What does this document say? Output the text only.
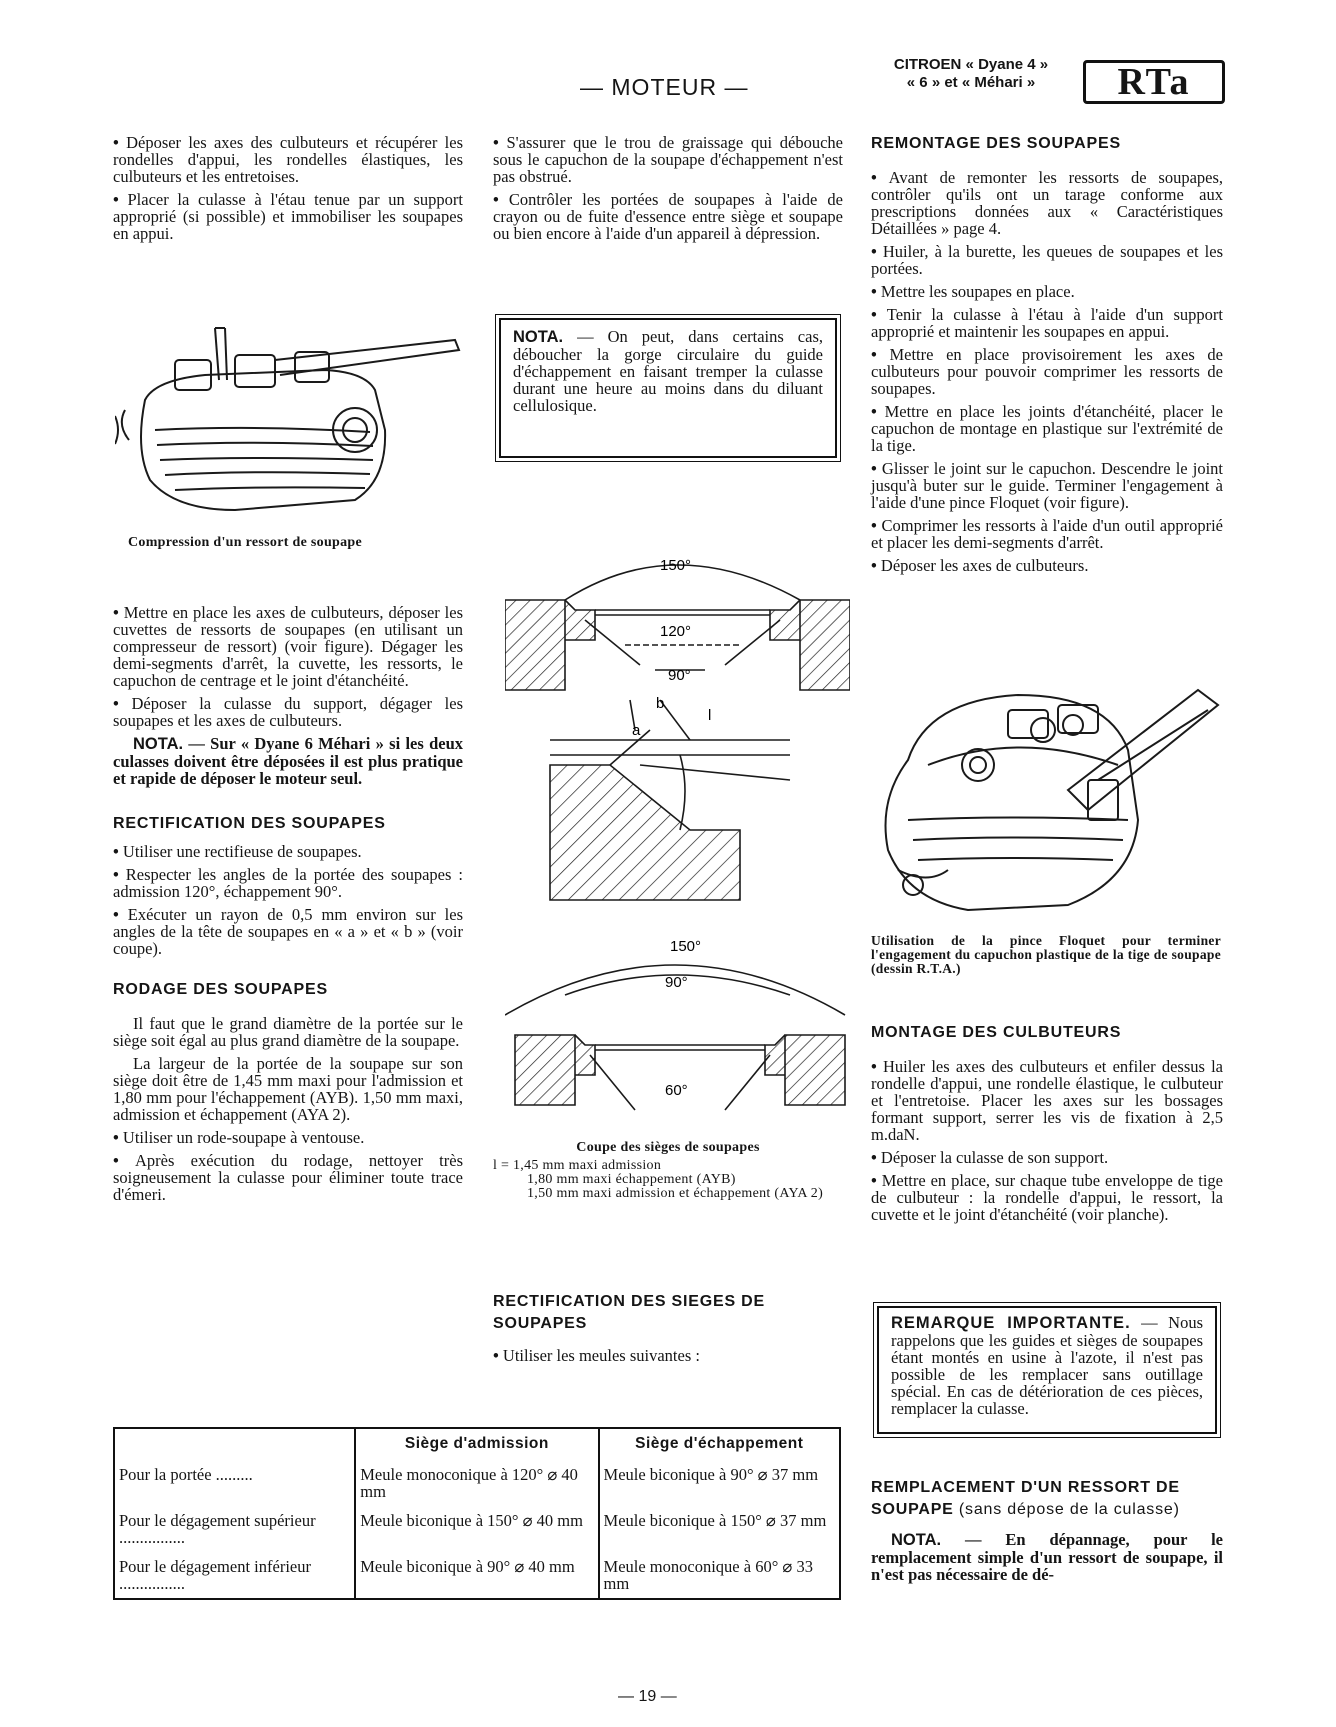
— MOTEUR —
CITROEN « Dyane 4 »
« 6 » et « Méhari »	RTa

• Déposer les axes des culbuteurs et récupérer les rondelles d'appui, les rondelles élastiques, les culbuteurs et les entretoises.

• Placer la culasse à l'étau tenue par un support approprié (si possible) et immobiliser les soupapes en appui.

Compression d'un ressort de soupape

• Mettre en place les axes de culbuteurs, déposer les cuvettes de ressorts de soupapes (en utilisant un compresseur de ressort) (voir figure). Dégager les demi-segments d'arrêt, la cuvette, les ressorts, le capuchon de centrage et le joint d'étanchéité.

• Déposer la culasse du support, dégager les soupapes et les axes de culbuteurs.

NOTA. — Sur « Dyane 6 Méhari » si les deux culasses doivent être déposées il est plus pratique et rapide de déposer le moteur seul.

RECTIFICATION DES SOUPAPES

• Utiliser une rectifieuse de soupapes.

• Respecter les angles de la portée des soupapes : admission 120°, échappement 90°.

• Exécuter un rayon de 0,5 mm environ sur les angles de la tête de soupapes en « a » et « b » (voir coupe).

RODAGE DES SOUPAPES

Il faut que le grand diamètre de la portée sur le siège soit égal au plus grand diamètre de la soupape.

La largeur de la portée de la soupape sur son siège doit être de 1,45 mm maxi pour l'admission et 1,80 mm pour l'échappement (AYB). 1,50 mm maxi, admission et échappement (AYA 2).

• Utiliser un rode-soupape à ventouse.

• Après exécution du rodage, nettoyer très soigneusement la culasse pour éliminer toute trace d'émeri.

• S'assurer que le trou de graissage qui débouche sous le capuchon de la soupape d'échappement n'est pas obstrué.

• Contrôler les portées de soupapes à l'aide de crayon ou de fuite d'essence entre siège et soupape ou bien encore à l'aide d'un appareil à dépression.

NOTA. — On peut, dans certains cas, déboucher la gorge circulaire du guide d'échappement en faisant tremper la culasse durant une heure au moins dans du diluant cellulosique.
150°
120°
90°
b
a
l
150°
90°
60°
Coupe des sièges de soupapes
l = 1,45 mm maxi admission
1,80 mm maxi échappement (AYB)
1,50 mm maxi admission et échappement (AYA 2)
RECTIFICATION DES SIEGES DE SOUPAPES

• Utiliser les meules suivantes :

REMONTAGE DES SOUPAPES

• Avant de remonter les ressorts de soupapes, contrôler qu'ils ont un tarage conforme aux prescriptions données aux « Caractéristiques Détaillées » page 4.

• Huiler, à la burette, les queues de soupapes et les portées.

• Mettre les soupapes en place.

• Tenir la culasse à l'étau à l'aide d'un support approprié et maintenir les soupapes en appui.

• Mettre en place provisoirement les axes de culbuteurs pour pouvoir comprimer les ressorts de soupapes.

• Mettre en place les joints d'étanchéité, placer le capuchon de montage en plastique sur l'extrémité de la tige.

• Glisser le joint sur le capuchon. Descendre le joint jusqu'à buter sur le guide. Terminer l'engagement à l'aide d'une pince Floquet (voir figure).

• Comprimer les ressorts à l'aide d'un outil approprié et placer les demi-segments d'arrêt.

• Déposer les axes de culbuteurs.

Utilisation de la pince Floquet pour terminer l'engagement du capuchon plastique de la tige de soupape (dessin R.T.A.)
MONTAGE DES CULBUTEURS

• Huiler les axes des culbuteurs et enfiler dessus la rondelle d'appui, une rondelle élastique, le culbuteur et l'entretoise. Placer les axes sur les bossages formant support, serrer les vis de fixation à 2,5 m.daN.

• Déposer la culasse de son support.

• Mettre en place, sur chaque tube enveloppe de tige de culbuteur : la rondelle d'appui, le ressort, la cuvette et le joint d'étanchéité (voir planche).

REMARQUE IMPORTANTE. — Nous rappelons que les guides et sièges de soupapes étant montés en usine à l'azote, il n'est pas possible de les remplacer sans outillage spécial. En cas de détérioration de ces pièces, remplacer la culasse.
REMPLACEMENT D'UN RESSORT DE SOUPAPE (sans dépose de la culasse)

NOTA. — En dépannage, pour le remplacement simple d'un ressort de soupape, il n'est pas nécessaire de dé-

	Siège d'admission	Siège d'échappement
Pour la portée .........	Meule monoconique à 120° ⌀ 40 mm	Meule biconique à 90° ⌀ 37 mm
Pour le dégagement supérieur ................	Meule biconique à 150° ⌀ 40 mm	Meule biconique à 150° ⌀ 37 mm
Pour le dégagement inférieur ................	Meule biconique à 90° ⌀ 40 mm	Meule monoconique à 60° ⌀ 33 mm
— 19 —
